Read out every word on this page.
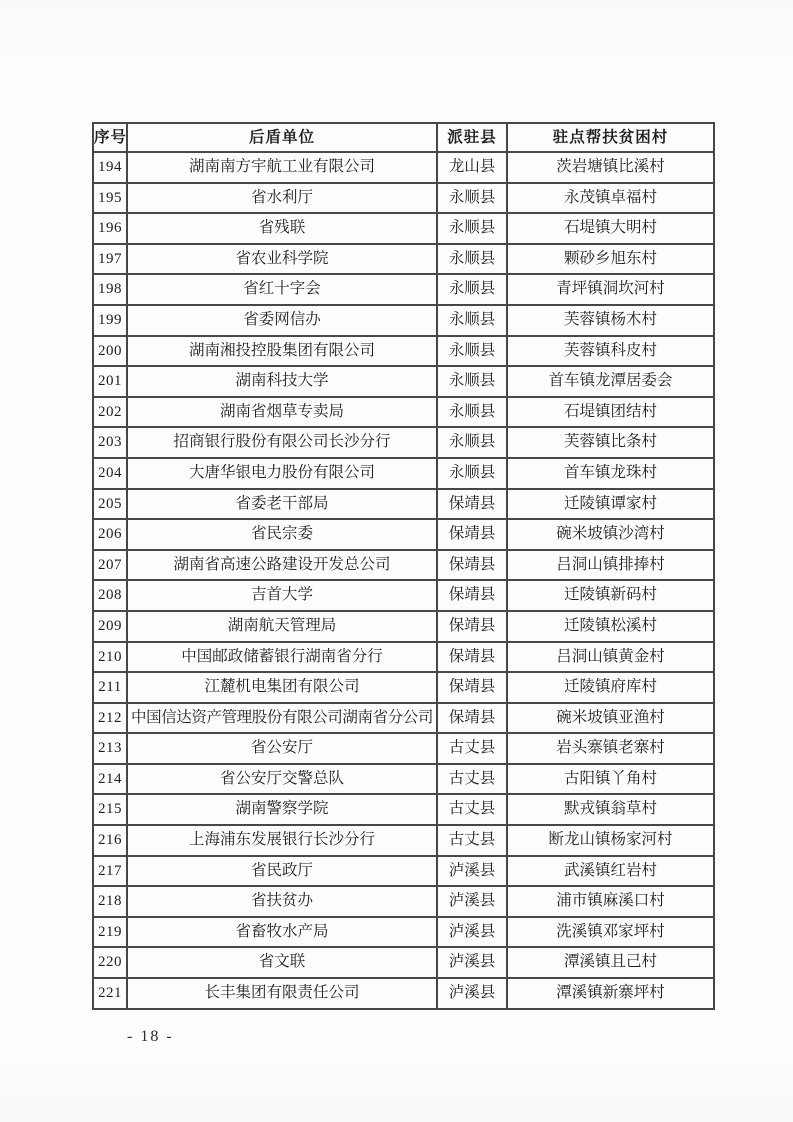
序号	后盾单位	派驻县	驻点帮扶贫困村
194	湖南南方宇航工业有限公司	龙山县	茨岩塘镇比溪村
195	省水利厅	永顺县	永茂镇卓福村
196	省残联	永顺县	石堤镇大明村
197	省农业科学院	永顺县	颗砂乡旭东村
198	省红十字会	永顺县	青坪镇洞坎河村
199	省委网信办	永顺县	芙蓉镇杨木村
200	湖南湘投控股集团有限公司	永顺县	芙蓉镇科皮村
201	湖南科技大学	永顺县	首车镇龙潭居委会
202	湖南省烟草专卖局	永顺县	石堤镇团结村
203	招商银行股份有限公司长沙分行	永顺县	芙蓉镇比条村
204	大唐华银电力股份有限公司	永顺县	首车镇龙珠村
205	省委老干部局	保靖县	迁陵镇谭家村
206	省民宗委	保靖县	碗米坡镇沙湾村
207	湖南省高速公路建设开发总公司	保靖县	吕洞山镇排捧村
208	吉首大学	保靖县	迁陵镇新码村
209	湖南航天管理局	保靖县	迁陵镇松溪村
210	中国邮政储蓄银行湖南省分行	保靖县	吕洞山镇黄金村
211	江麓机电集团有限公司	保靖县	迁陵镇府库村
212	中国信达资产管理股份有限公司湖南省分公司	保靖县	碗米坡镇亚渔村
213	省公安厅	古丈县	岩头寨镇老寨村
214	省公安厅交警总队	古丈县	古阳镇丫角村
215	湖南警察学院	古丈县	默戎镇翁草村
216	上海浦东发展银行长沙分行	古丈县	断龙山镇杨家河村
217	省民政厅	泸溪县	武溪镇红岩村
218	省扶贫办	泸溪县	浦市镇麻溪口村
219	省畜牧水产局	泸溪县	洗溪镇邓家坪村
220	省文联	泸溪县	潭溪镇且己村
221	长丰集团有限责任公司	泸溪县	潭溪镇新寨坪村
- 18 -
